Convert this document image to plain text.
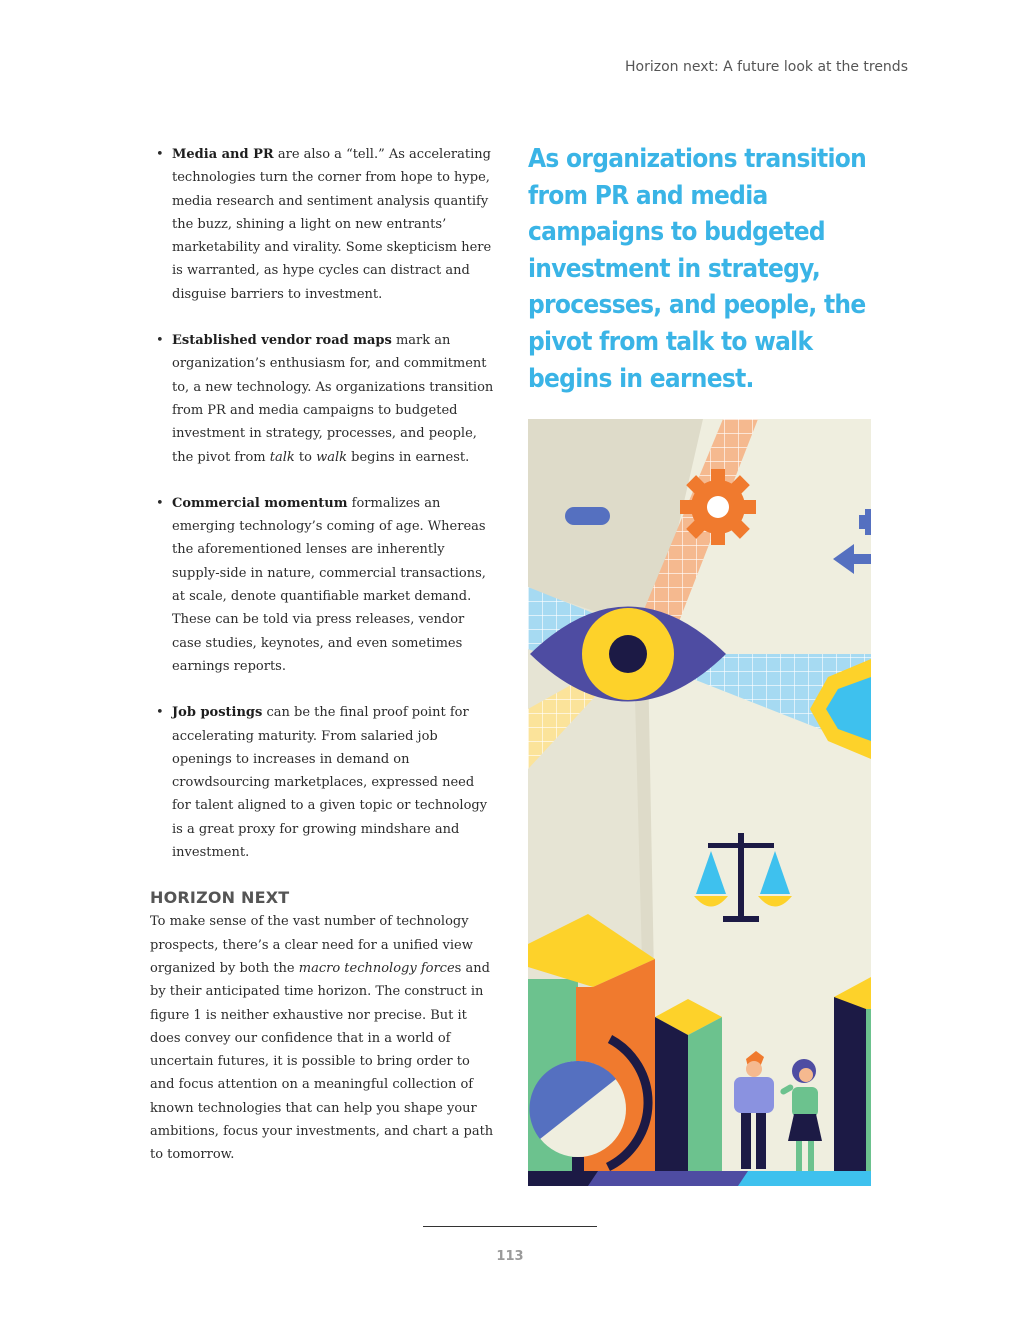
Horizon next: A future look at the trends
• Media and PR are also a “tell.” As accelerating technologies turn the corner from hope to hype, media research and sentiment analysis quantify the buzz, shining a light on new entrants’ marketability and virality. Some skepticism here is warranted, as hype cycles can distract and disguise barriers to investment.
• Established vendor road maps mark an organization’s enthusiasm for, and commitment to, a new technology. As organizations transition from PR and media campaigns to budgeted investment in strategy, processes, and people, the pivot from talk to walk begins in earnest.
• Commercial momentum formalizes an emerging technology’s coming of age. Whereas the aforementioned lenses are inherently supply-side in nature, commercial transactions, at scale, denote quantifiable market demand. These can be told via press releases, vendor case studies, keynotes, and even sometimes earnings reports.
• Job postings can be the final proof point for accelerating maturity. From salaried job openings to increases in demand on crowdsourcing marketplaces, expressed need for talent aligned to a given topic or technology is a great proxy for growing mindshare and investment.
HORIZON NEXT

To make sense of the vast number of technology prospects, there’s a clear need for a unified view organized by both the macro technology forces and by their anticipated time horizon. The construct in figure 1 is neither exhaustive nor precise. But it does convey our confidence that in a world of uncertain futures, it is possible to bring order to and focus attention on a meaningful collection of known technologies that can help you shape your ambitions, focus your investments, and chart a path to tomorrow.

As organizations transition from PR and media campaigns to budgeted investment in strategy, processes, and people, the pivot from talk to walk begins in earnest.
113
